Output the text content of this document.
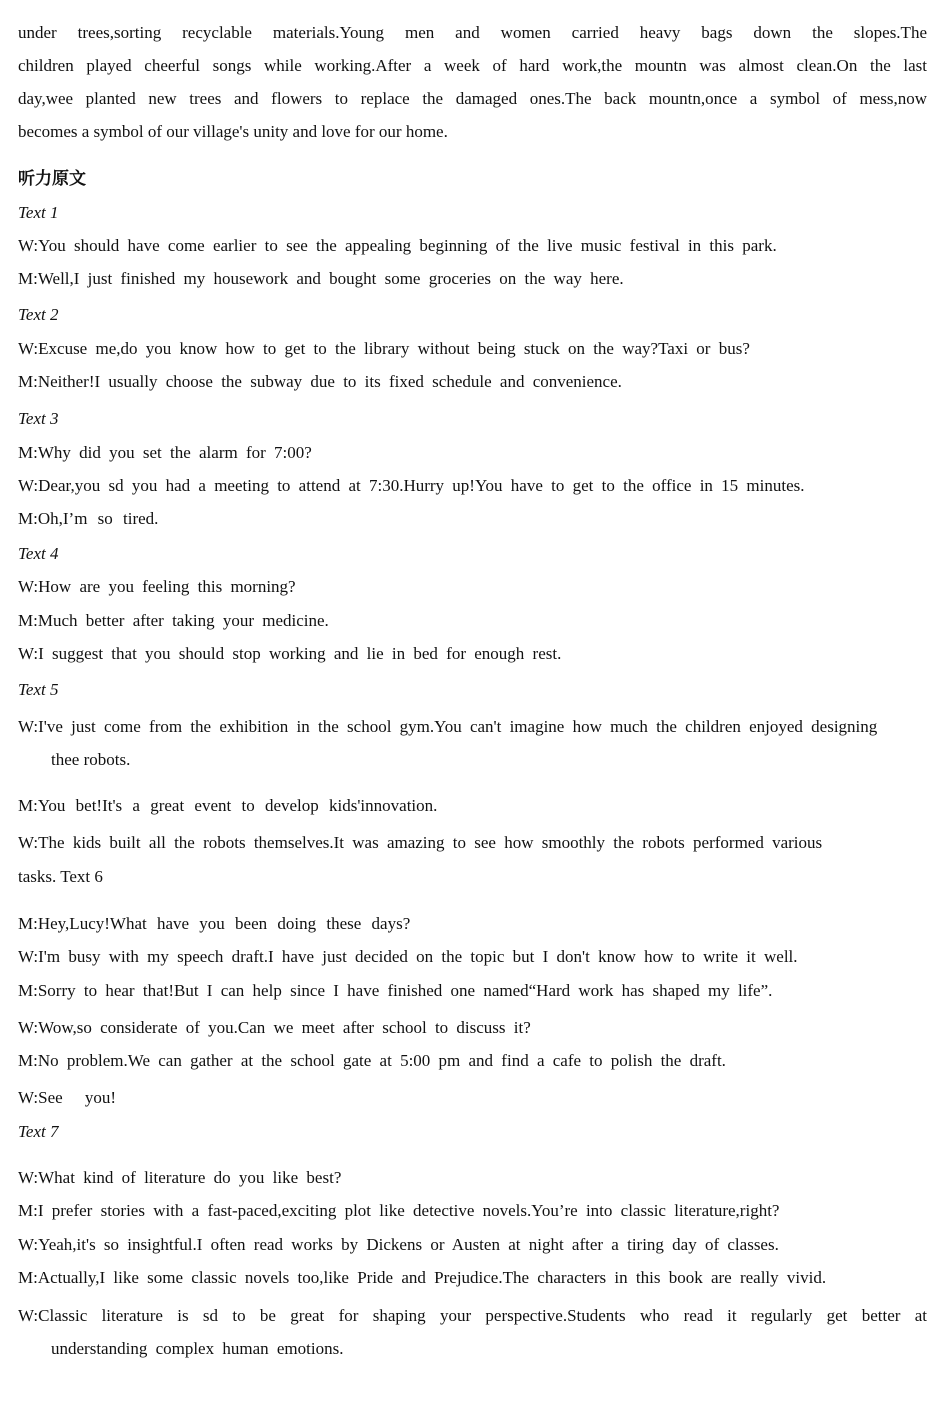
under trees,sorting recyclable materials.Young men and women carried heavy bags down the slopes.The
children played cheerful songs while working.After a week of hard work,the mountn was almost clean.On the last
day,wee planted new trees and flowers to replace the damaged ones.The back mountn,once a symbol of mess,now
becomes a symbol of our village's unity and love for our home.
听力原文
Text 1
W:You should have come earlier to see the appealing beginning of the live music festival in this park.
M:Well,I just finished my housework and bought some groceries on the way here.
Text 2
W:Excuse me,do you know how to get to the library without being stuck on the way?Taxi or bus?
M:Neither!I usually choose the subway due to its fixed schedule and convenience.
Text 3
M:Why did you set the alarm for 7:00?
W:Dear,you sd you had a meeting to attend at 7:30.Hurry up!You have to get to the office in 15 minutes.
M:Oh,I’m so tired.
Text 4
W:How are you feeling this morning?
M:Much better after taking your medicine.
W:I suggest that you should stop working and lie in bed for enough rest.
Text 5
W:I've just come from the exhibition in the school gym.You can't imagine how much the children enjoyed designing
thee robots.
M:You bet!It's a great event to develop kids'innovation.
W:The kids built all the robots themselves.It was amazing to see how smoothly the robots performed various
tasks. Text 6
M:Hey,Lucy!What have you been doing these days?
W:I'm busy with my speech draft.I have just decided on the topic but I don't know how to write it well.
M:Sorry to hear that!But I can help since I have finished one named“Hard work has shaped my life”.
W:Wow,so considerate of you.Can we meet after school to discuss it?
M:No problem.We can gather at the school gate at 5:00 pm and find a cafe to polish the draft.
W:See you!
Text 7
W:What kind of literature do you like best?
M:I prefer stories with a fast-paced,exciting plot like detective novels.You’re into classic literature,right?
W:Yeah,it's so insightful.I often read works by Dickens or Austen at night after a tiring day of classes.
M:Actually,I like some classic novels too,like Pride and Prejudice.The characters in this book are really vivid.
W:Classic literature is sd to be great for shaping your perspective.Students who read it regularly get better at
understanding complex human emotions.
